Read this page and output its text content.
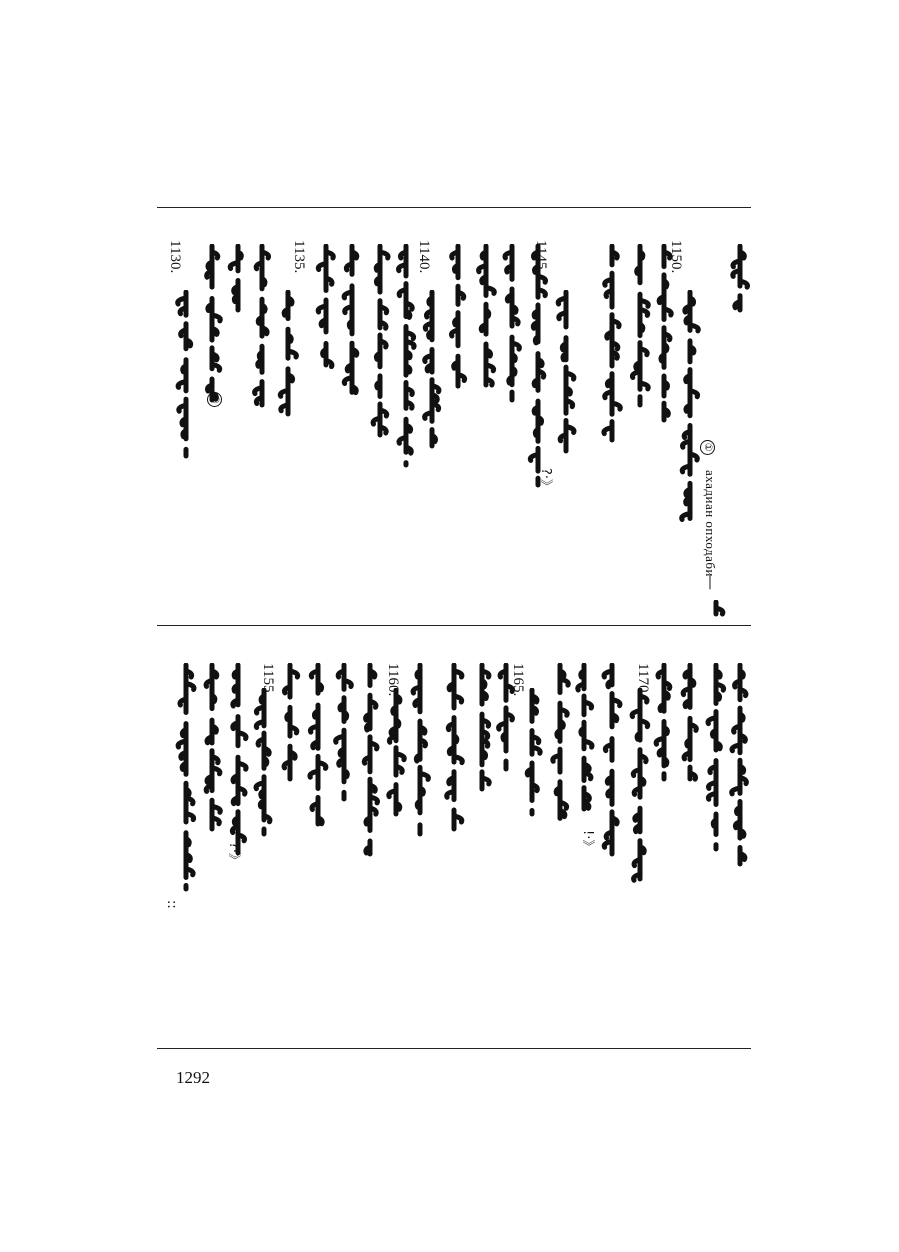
①
ахадиан опходаби
—
1150.
1145.
1140.
1135.
1130.
1170.
1165.
1160.
1155.
①
?·》
!·》
?·》
::
1292
